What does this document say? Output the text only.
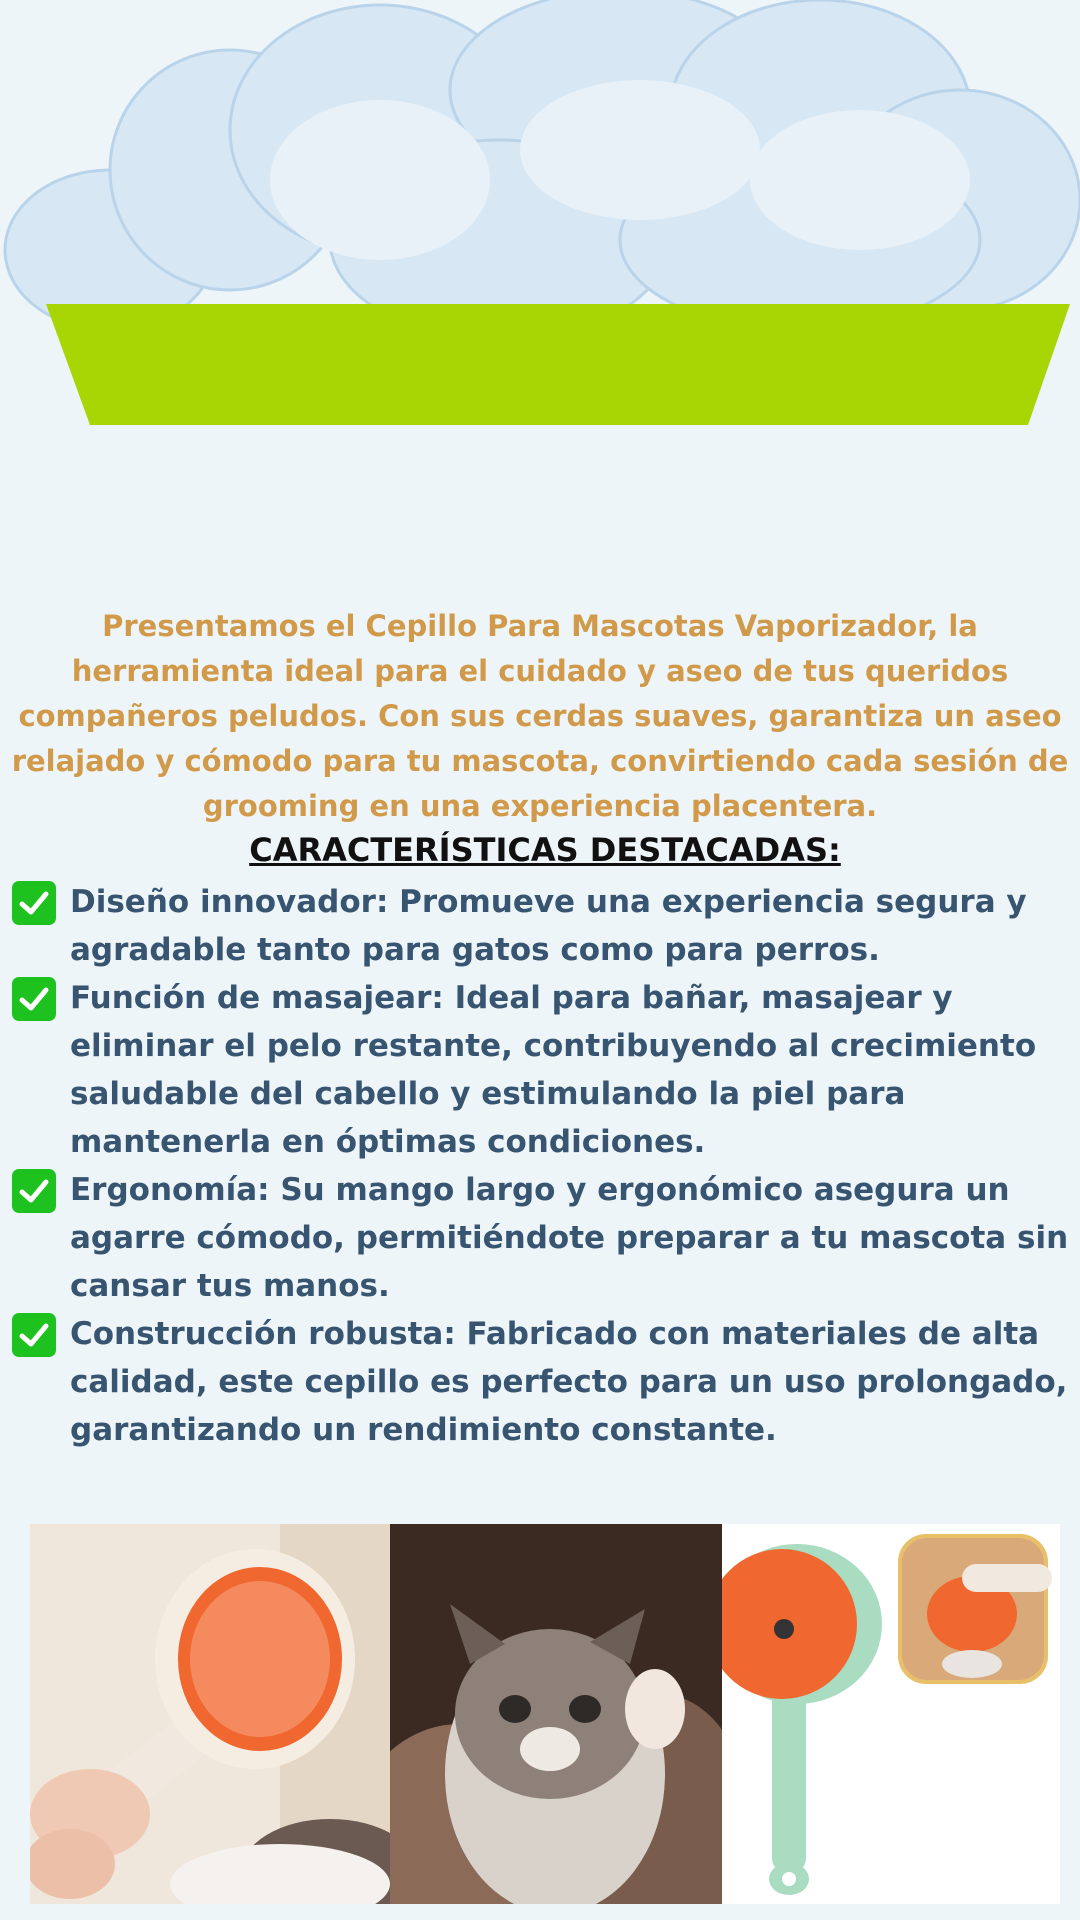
Presentamos el Cepillo Para Mascotas Vaporizador, la herramienta ideal para el cuidado y aseo de tus queridos compañeros peludos. Con sus cerdas suaves, garantiza un aseo relajado y cómodo para tu mascota, convirtiendo cada sesión de grooming en una experiencia placentera.

CARACTERÍSTICAS DESTACADAS:
Diseño innovador: Promueve una experiencia segura y agradable tanto para gatos como para perros.
Función de masajear: Ideal para bañar, masajear y eliminar el pelo restante, contribuyendo al crecimiento saludable del cabello y estimulando la piel para mantenerla en óptimas condiciones.
Ergonomía: Su mango largo y ergonómico asegura un agarre cómodo, permitiéndote preparar a tu mascota sin cansar tus manos.
Construcción robusta: Fabricado con materiales de alta calidad, este cepillo es perfecto para un uso prolongado, garantizando un rendimiento constante.
